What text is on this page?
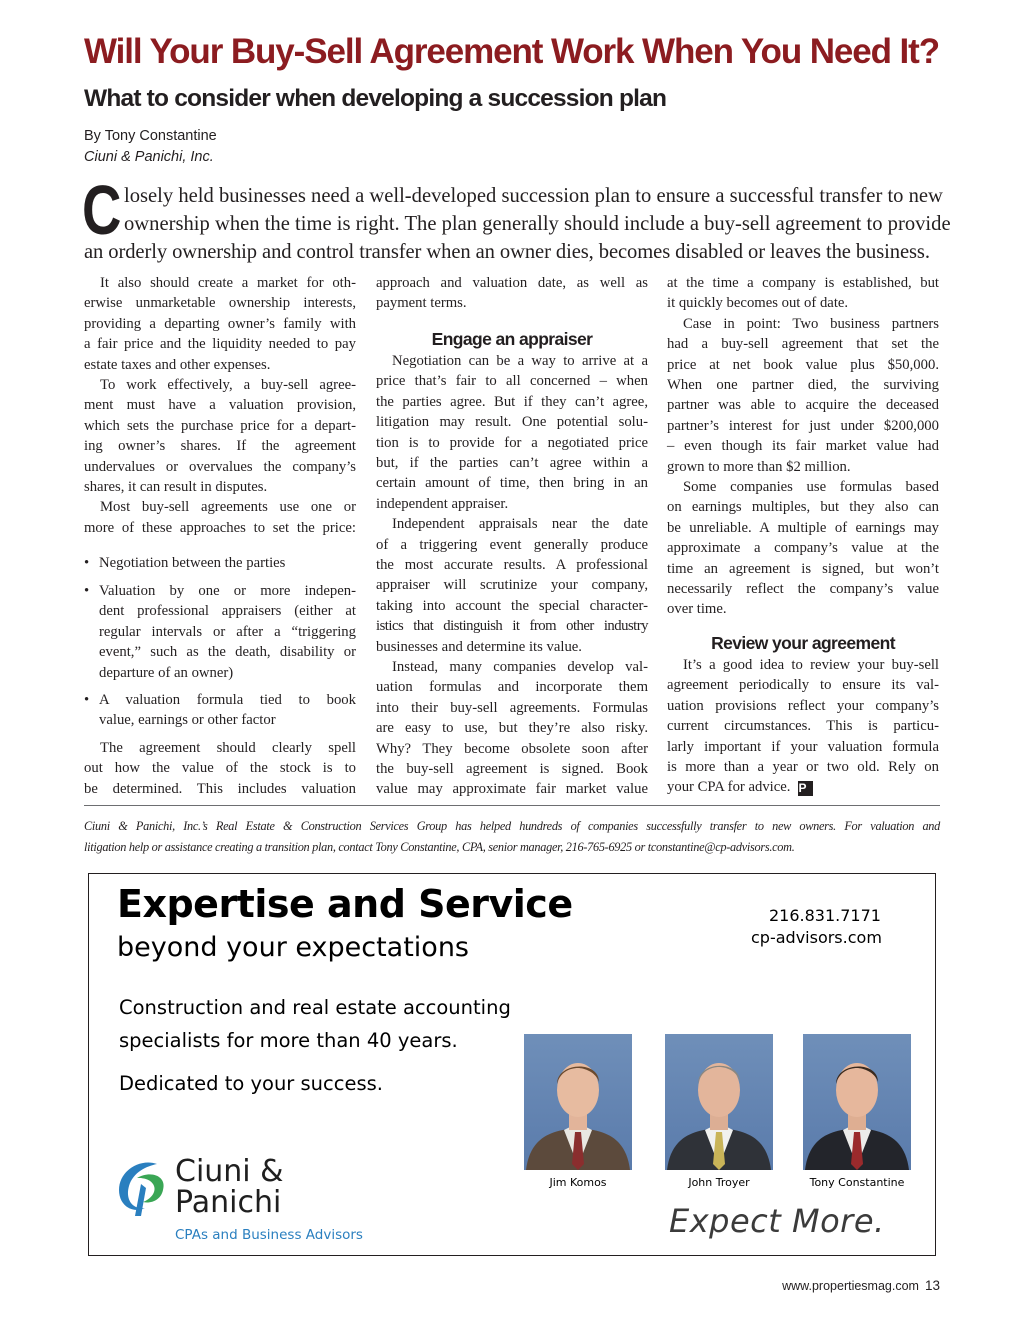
Will Your Buy-Sell Agreement Work When You Need It?
What to consider when developing a succession plan
By Tony Constantine
Ciuni & Panichi, Inc.
C losely held businesses need a well-developed succession plan to ensure a successful transfer to new
ownership when the time is right. The plan generally should include a buy-sell agreement to provide
an orderly ownership and control transfer when an owner dies, becomes disabled or leaves the business.
It also should create a market for oth-
erwise unmarketable ownership interests,
providing a departing owner’s family with
a fair price and the liquidity needed to pay
estate taxes and other expenses.
To work effectively, a buy-sell agree-
ment must have a valuation provision,
which sets the purchase price for a depart-
ing owner’s shares. If the agreement
undervalues or overvalues the company’s
shares, it can result in disputes.
Most buy-sell agreements use one or
more of these approaches to set the price:
• Negotiation between the parties
• Valuation by one or more indepen-
dent professional appraisers (either at
regular intervals or after a “triggering
event,” such as the death, disability or
departure of an owner)
• A valuation formula tied to book
value, earnings or other factor
The agreement should clearly spell
out how the value of the stock is to
be determined. This includes valuation
approach and valuation date, as well as
payment terms.
Engage an appraiser
Negotiation can be a way to arrive at a
price that’s fair to all concerned – when
the parties agree. But if they can’t agree,
litigation may result. One potential solu-
tion is to provide for a negotiated price
but, if the parties can’t agree within a
certain amount of time, then bring in an
independent appraiser.
Independent appraisals near the date
of a triggering event generally produce
the most accurate results. A professional
appraiser will scrutinize your company,
taking into account the special character-
istics that distinguish it from other industry
businesses and determine its value.
Instead, many companies develop val-
uation formulas and incorporate them
into their buy-sell agreements. Formulas
are easy to use, but they’re also risky.
Why? They become obsolete soon after
the buy-sell agreement is signed. Book
value may approximate fair market value
at the time a company is established, but
it quickly becomes out of date.
Case in point: Two business partners
had a buy-sell agreement that set the
price at net book value plus $50,000.
When one partner died, the surviving
partner was able to acquire the deceased
partner’s interest for just under $200,000
– even though its fair market value had
grown to more than $2 million.
Some companies use formulas based
on earnings multiples, but they also can
be unreliable. A multiple of earnings may
approximate a company’s value at the
time an agreement is signed, but won’t
necessarily reflect the company’s value
over time.
Review your agreement
It’s a good idea to review your buy-sell
agreement periodically to ensure its val-
uation provisions reflect your company’s
current circumstances. This is particu-
larly important if your valuation formula
is more than a year or two old. Rely on
your CPA for advice. P
Ciuni & Panichi, Inc.’s Real Estate & Construction Services Group has helped hundreds of companies successfully transfer to new owners. For valuation and
litigation help or assistance creating a transition plan, contact Tony Constantine, CPA, senior manager, 216-765-6925 or tconstantine@cp-advisors.com.
Expertise and Service
beyond your expectations
216.831.7171
cp-advisors.com
Construction and real estate accounting
specialists for more than 40 years.
Dedicated to your success.
Jim Komos	John Troyer	Tony Constantine
Ciuni &
Panichi
CPAs and Business Advisors	Expect More.
www.propertiesmag.com 13
